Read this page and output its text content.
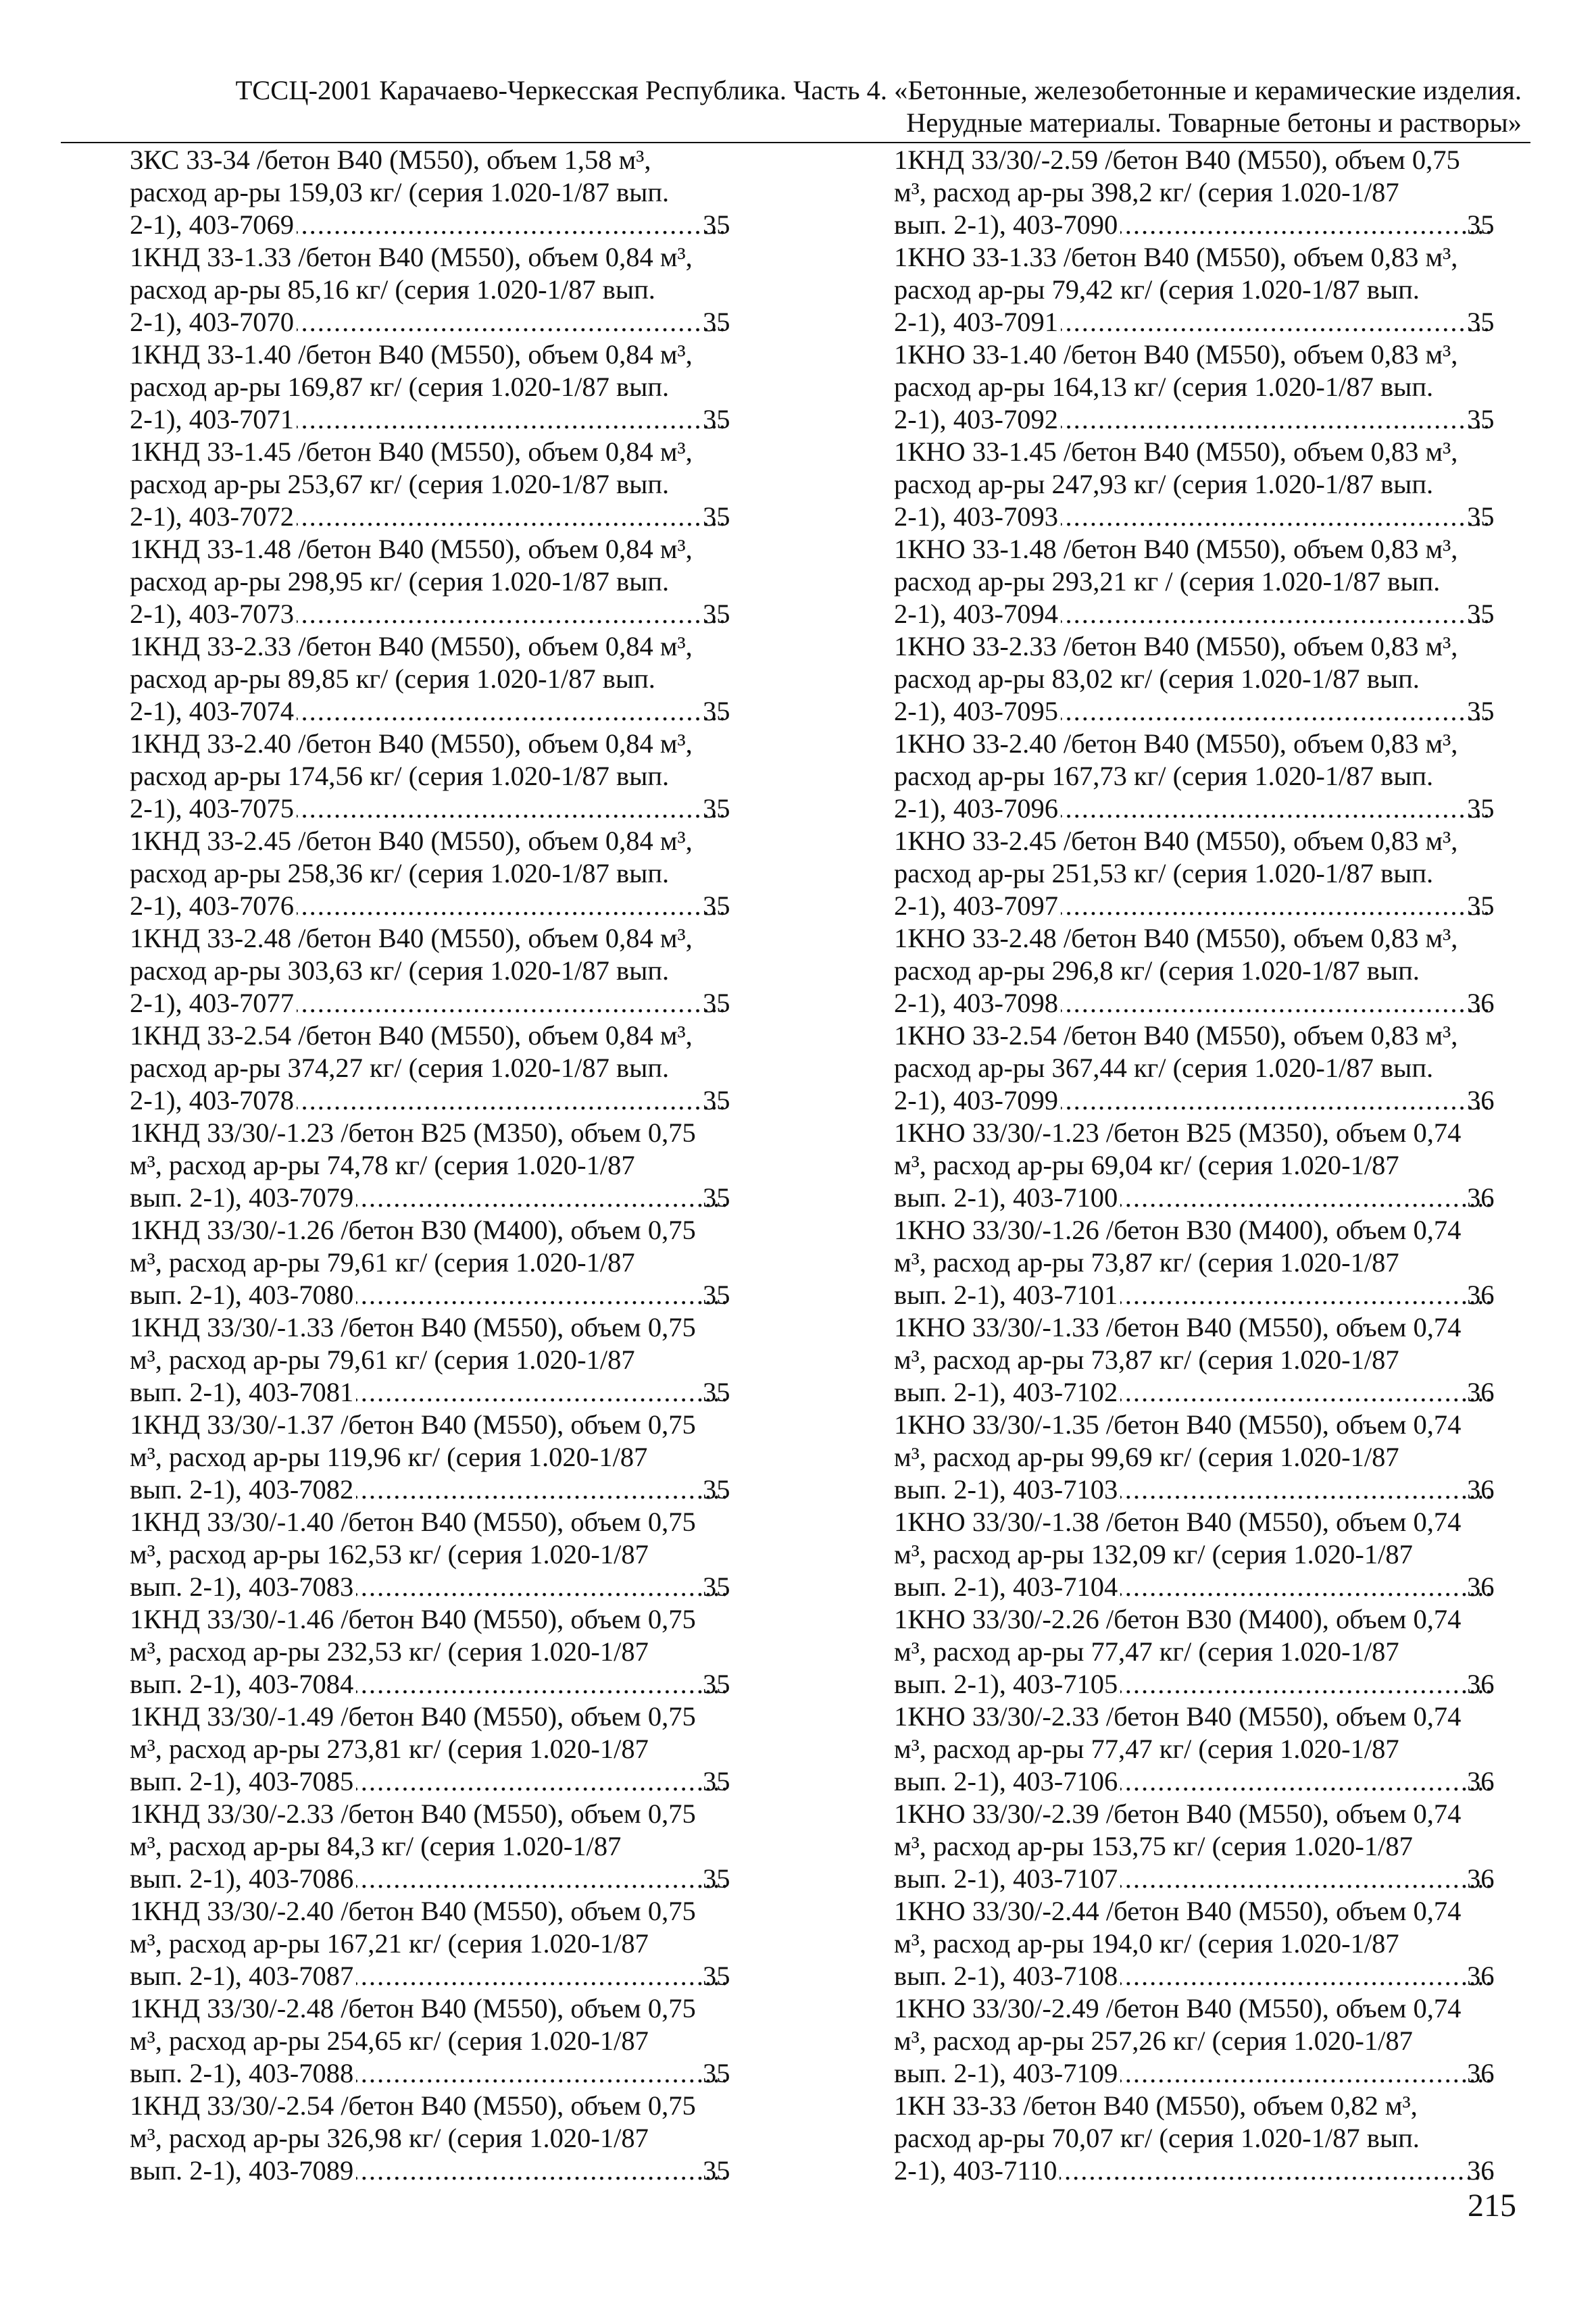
ТССЦ-2001 Карачаево-Черкесская Республика. Часть 4. «Бетонные, железобетонные и керамические изделия.
Нерудные материалы. Товарные бетоны и растворы»
3КС 33-34 /бетон В40 (М550), объем 1,58 м³,
расход ар-ры 159,03 кг/ (серия 1.020-1/87 вып.
2-1), 403-7069 .....	35
1КНД 33-1.33 /бетон В40 (М550), объем 0,84 м³,
расход ар-ры 85,16 кг/ (серия 1.020-1/87 вып.
2-1), 403-7070 .....	35
1КНД 33-1.40 /бетон В40 (М550), объем 0,84 м³,
расход ар-ры 169,87 кг/ (серия 1.020-1/87 вып.
2-1), 403-7071 .....	35
1КНД 33-1.45 /бетон В40 (М550), объем 0,84 м³,
расход ар-ры 253,67 кг/ (серия 1.020-1/87 вып.
2-1), 403-7072 .....	35
1КНД 33-1.48 /бетон В40 (М550), объем 0,84 м³,
расход ар-ры 298,95 кг/ (серия 1.020-1/87 вып.
2-1), 403-7073 .....	35
1КНД 33-2.33 /бетон В40 (М550), объем 0,84 м³,
расход ар-ры 89,85 кг/ (серия 1.020-1/87 вып.
2-1), 403-7074 .....	35
1КНД 33-2.40 /бетон В40 (М550), объем 0,84 м³,
расход ар-ры 174,56 кг/ (серия 1.020-1/87 вып.
2-1), 403-7075 .....	35
1КНД 33-2.45 /бетон В40 (М550), объем 0,84 м³,
расход ар-ры 258,36 кг/ (серия 1.020-1/87 вып.
2-1), 403-7076 .....	35
1КНД 33-2.48 /бетон В40 (М550), объем 0,84 м³,
расход ар-ры 303,63 кг/ (серия 1.020-1/87 вып.
2-1), 403-7077 .....	35
1КНД 33-2.54 /бетон В40 (М550), объем 0,84 м³,
расход ар-ры 374,27 кг/ (серия 1.020-1/87 вып.
2-1), 403-7078 .....	35
1КНД 33/30/-1.23 /бетон В25 (М350), объем 0,75
м³, расход ар-ры 74,78 кг/ (серия 1.020-1/87
вып. 2-1), 403-7079 .....	35
1КНД 33/30/-1.26 /бетон В30 (М400), объем 0,75
м³, расход ар-ры 79,61 кг/ (серия 1.020-1/87
вып. 2-1), 403-7080 .....	35
1КНД 33/30/-1.33 /бетон В40 (М550), объем 0,75
м³, расход ар-ры 79,61 кг/ (серия 1.020-1/87
вып. 2-1), 403-7081 .....	35
1КНД 33/30/-1.37 /бетон В40 (М550), объем 0,75
м³, расход ар-ры 119,96 кг/ (серия 1.020-1/87
вып. 2-1), 403-7082 .....	35
1КНД 33/30/-1.40 /бетон В40 (М550), объем 0,75
м³, расход ар-ры 162,53 кг/ (серия 1.020-1/87
вып. 2-1), 403-7083 .....	35
1КНД 33/30/-1.46 /бетон В40 (М550), объем 0,75
м³, расход ар-ры 232,53 кг/ (серия 1.020-1/87
вып. 2-1), 403-7084 .....	35
1КНД 33/30/-1.49 /бетон В40 (М550), объем 0,75
м³, расход ар-ры 273,81 кг/ (серия 1.020-1/87
вып. 2-1), 403-7085 .....	35
1КНД 33/30/-2.33 /бетон В40 (М550), объем 0,75
м³, расход ар-ры 84,3 кг/ (серия 1.020-1/87
вып. 2-1), 403-7086 .....	35
1КНД 33/30/-2.40 /бетон В40 (М550), объем 0,75
м³, расход ар-ры 167,21 кг/ (серия 1.020-1/87
вып. 2-1), 403-7087 .....	35
1КНД 33/30/-2.48 /бетон В40 (М550), объем 0,75
м³, расход ар-ры 254,65 кг/ (серия 1.020-1/87
вып. 2-1), 403-7088 .....	35
1КНД 33/30/-2.54 /бетон В40 (М550), объем 0,75
м³, расход ар-ры 326,98 кг/ (серия 1.020-1/87
вып. 2-1), 403-7089 .....	35
1КНД 33/30/-2.59 /бетон В40 (М550), объем 0,75
м³, расход ар-ры 398,2 кг/ (серия 1.020-1/87
вып. 2-1), 403-7090 .....	35
1КНО 33-1.33 /бетон В40 (М550), объем 0,83 м³,
расход ар-ры 79,42 кг/ (серия 1.020-1/87 вып.
2-1), 403-7091 .....	35
1КНО 33-1.40 /бетон В40 (М550), объем 0,83 м³,
расход ар-ры 164,13 кг/ (серия 1.020-1/87 вып.
2-1), 403-7092 .....	35
1КНО 33-1.45 /бетон В40 (М550), объем 0,83 м³,
расход ар-ры 247,93 кг/ (серия 1.020-1/87 вып.
2-1), 403-7093 .....	35
1КНО 33-1.48 /бетон В40 (М550), объем 0,83 м³,
расход ар-ры 293,21 кг / (серия 1.020-1/87 вып.
2-1), 403-7094 .....	35
1КНО 33-2.33 /бетон В40 (М550), объем 0,83 м³,
расход ар-ры 83,02 кг/ (серия 1.020-1/87 вып.
2-1), 403-7095 .....	35
1КНО 33-2.40 /бетон В40 (М550), объем 0,83 м³,
расход ар-ры 167,73 кг/ (серия 1.020-1/87 вып.
2-1), 403-7096 .....	35
1КНО 33-2.45 /бетон В40 (М550), объем 0,83 м³,
расход ар-ры 251,53 кг/ (серия 1.020-1/87 вып.
2-1), 403-7097 .....	35
1КНО 33-2.48 /бетон В40 (М550), объем 0,83 м³,
расход ар-ры 296,8 кг/ (серия 1.020-1/87 вып.
2-1), 403-7098 .....	36
1КНО 33-2.54 /бетон В40 (М550), объем 0,83 м³,
расход ар-ры 367,44 кг/ (серия 1.020-1/87 вып.
2-1), 403-7099 .....	36
1КНО 33/30/-1.23 /бетон В25 (М350), объем 0,74
м³, расход ар-ры 69,04 кг/ (серия 1.020-1/87
вып. 2-1), 403-7100 .....	36
1КНО 33/30/-1.26 /бетон В30 (М400), объем 0,74
м³, расход ар-ры 73,87 кг/ (серия 1.020-1/87
вып. 2-1), 403-7101 .....	36
1КНО 33/30/-1.33 /бетон В40 (М550), объем 0,74
м³, расход ар-ры 73,87 кг/ (серия 1.020-1/87
вып. 2-1), 403-7102 .....	36
1КНО 33/30/-1.35 /бетон В40 (М550), объем 0,74
м³, расход ар-ры 99,69 кг/ (серия 1.020-1/87
вып. 2-1), 403-7103 .....	36
1КНО 33/30/-1.38 /бетон В40 (М550), объем 0,74
м³, расход ар-ры 132,09 кг/ (серия 1.020-1/87
вып. 2-1), 403-7104 .....	36
1КНО 33/30/-2.26 /бетон В30 (М400), объем 0,74
м³, расход ар-ры 77,47 кг/ (серия 1.020-1/87
вып. 2-1), 403-7105 .....	36
1КНО 33/30/-2.33 /бетон В40 (М550), объем 0,74
м³, расход ар-ры 77,47 кг/ (серия 1.020-1/87
вып. 2-1), 403-7106 .....	36
1КНО 33/30/-2.39 /бетон В40 (М550), объем 0,74
м³, расход ар-ры 153,75 кг/ (серия 1.020-1/87
вып. 2-1), 403-7107 .....	36
1КНО 33/30/-2.44 /бетон В40 (М550), объем 0,74
м³, расход ар-ры 194,0 кг/ (серия 1.020-1/87
вып. 2-1), 403-7108 .....	36
1КНО 33/30/-2.49 /бетон В40 (М550), объем 0,74
м³, расход ар-ры 257,26 кг/ (серия 1.020-1/87
вып. 2-1), 403-7109 .....	36
1КН 33-33 /бетон В40 (М550), объем 0,82 м³,
расход ар-ры 70,07 кг/ (серия 1.020-1/87 вып.
2-1), 403-7110 .....	36
215
